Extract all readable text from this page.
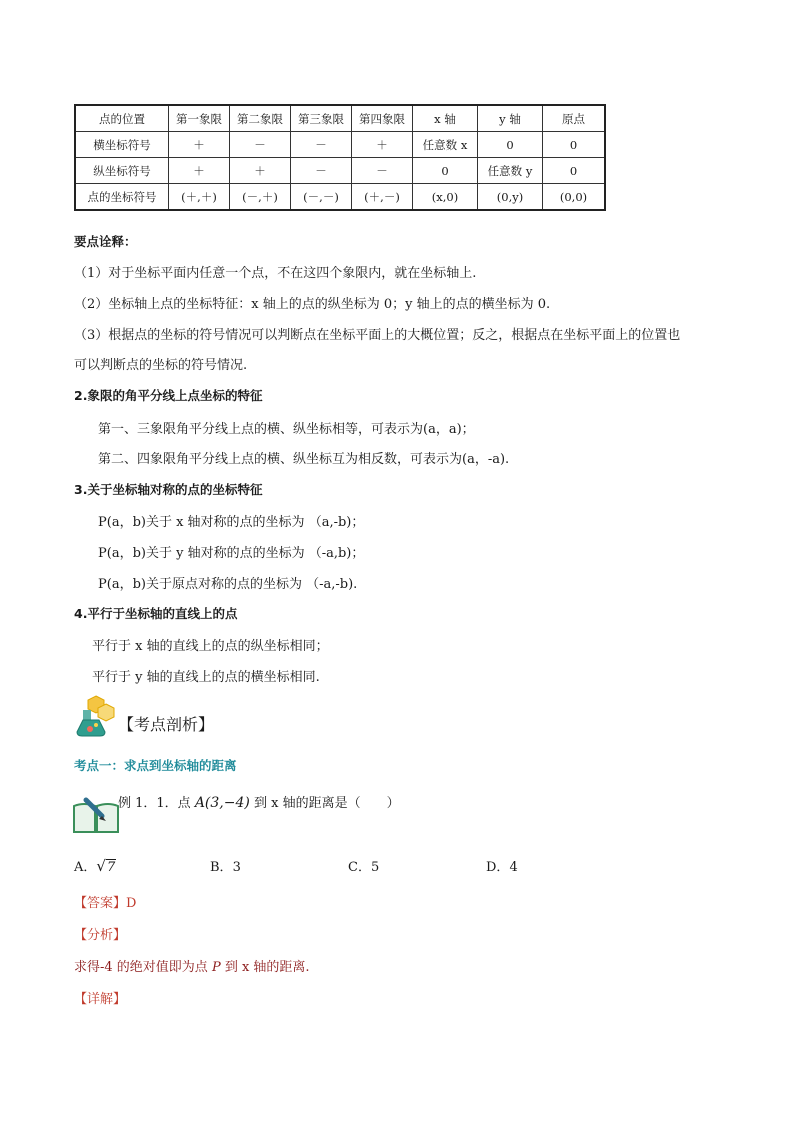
点的位置	第一象限	第二象限	第三象限	第四象限	x 轴	y 轴	原点
横坐标符号	＋	－	－	＋	任意数 x	0	0
纵坐标符号	＋	＋	－	－	0	任意数 y	0
点的坐标符号	(＋,＋)	(－,＋)	(－,－)	(＋,－)	(x,0)	(0,y)	(0,0)
要点诠释：
（1）对于坐标平面内任意一个点，不在这四个象限内，就在坐标轴上.
（2）坐标轴上点的坐标特征：x 轴上的点的纵坐标为 0；y 轴上的点的横坐标为 0.
（3）根据点的坐标的符号情况可以判断点在坐标平面上的大概位置；反之，根据点在坐标平面上的位置也
可以判断点的坐标的符号情况.
2.象限的角平分线上点坐标的特征
第一、三象限角平分线上点的横、纵坐标相等，可表示为(a，a)；
第二、四象限角平分线上点的横、纵坐标互为相反数，可表示为(a，-a).
3.关于坐标轴对称的点的坐标特征
P(a，b)关于 x 轴对称的点的坐标为 （a,-b)；
P(a，b)关于 y 轴对称的点的坐标为 （-a,b)；
P(a，b)关于原点对称的点的坐标为 （-a,-b).
4.平行于坐标轴的直线上的点
平行于 x 轴的直线上的点的纵坐标相同；
平行于 y 轴的直线上的点的横坐标相同.
【考点剖析】
考点一：求点到坐标轴的距离
例 1．1．点 A(3,−4) 到 x 轴的距离是（　　）
A．√7	B．3	C．5	D．4
【答案】D
【分析】
求得-4 的绝对值即为点 P 到 x 轴的距离.
【详解】
